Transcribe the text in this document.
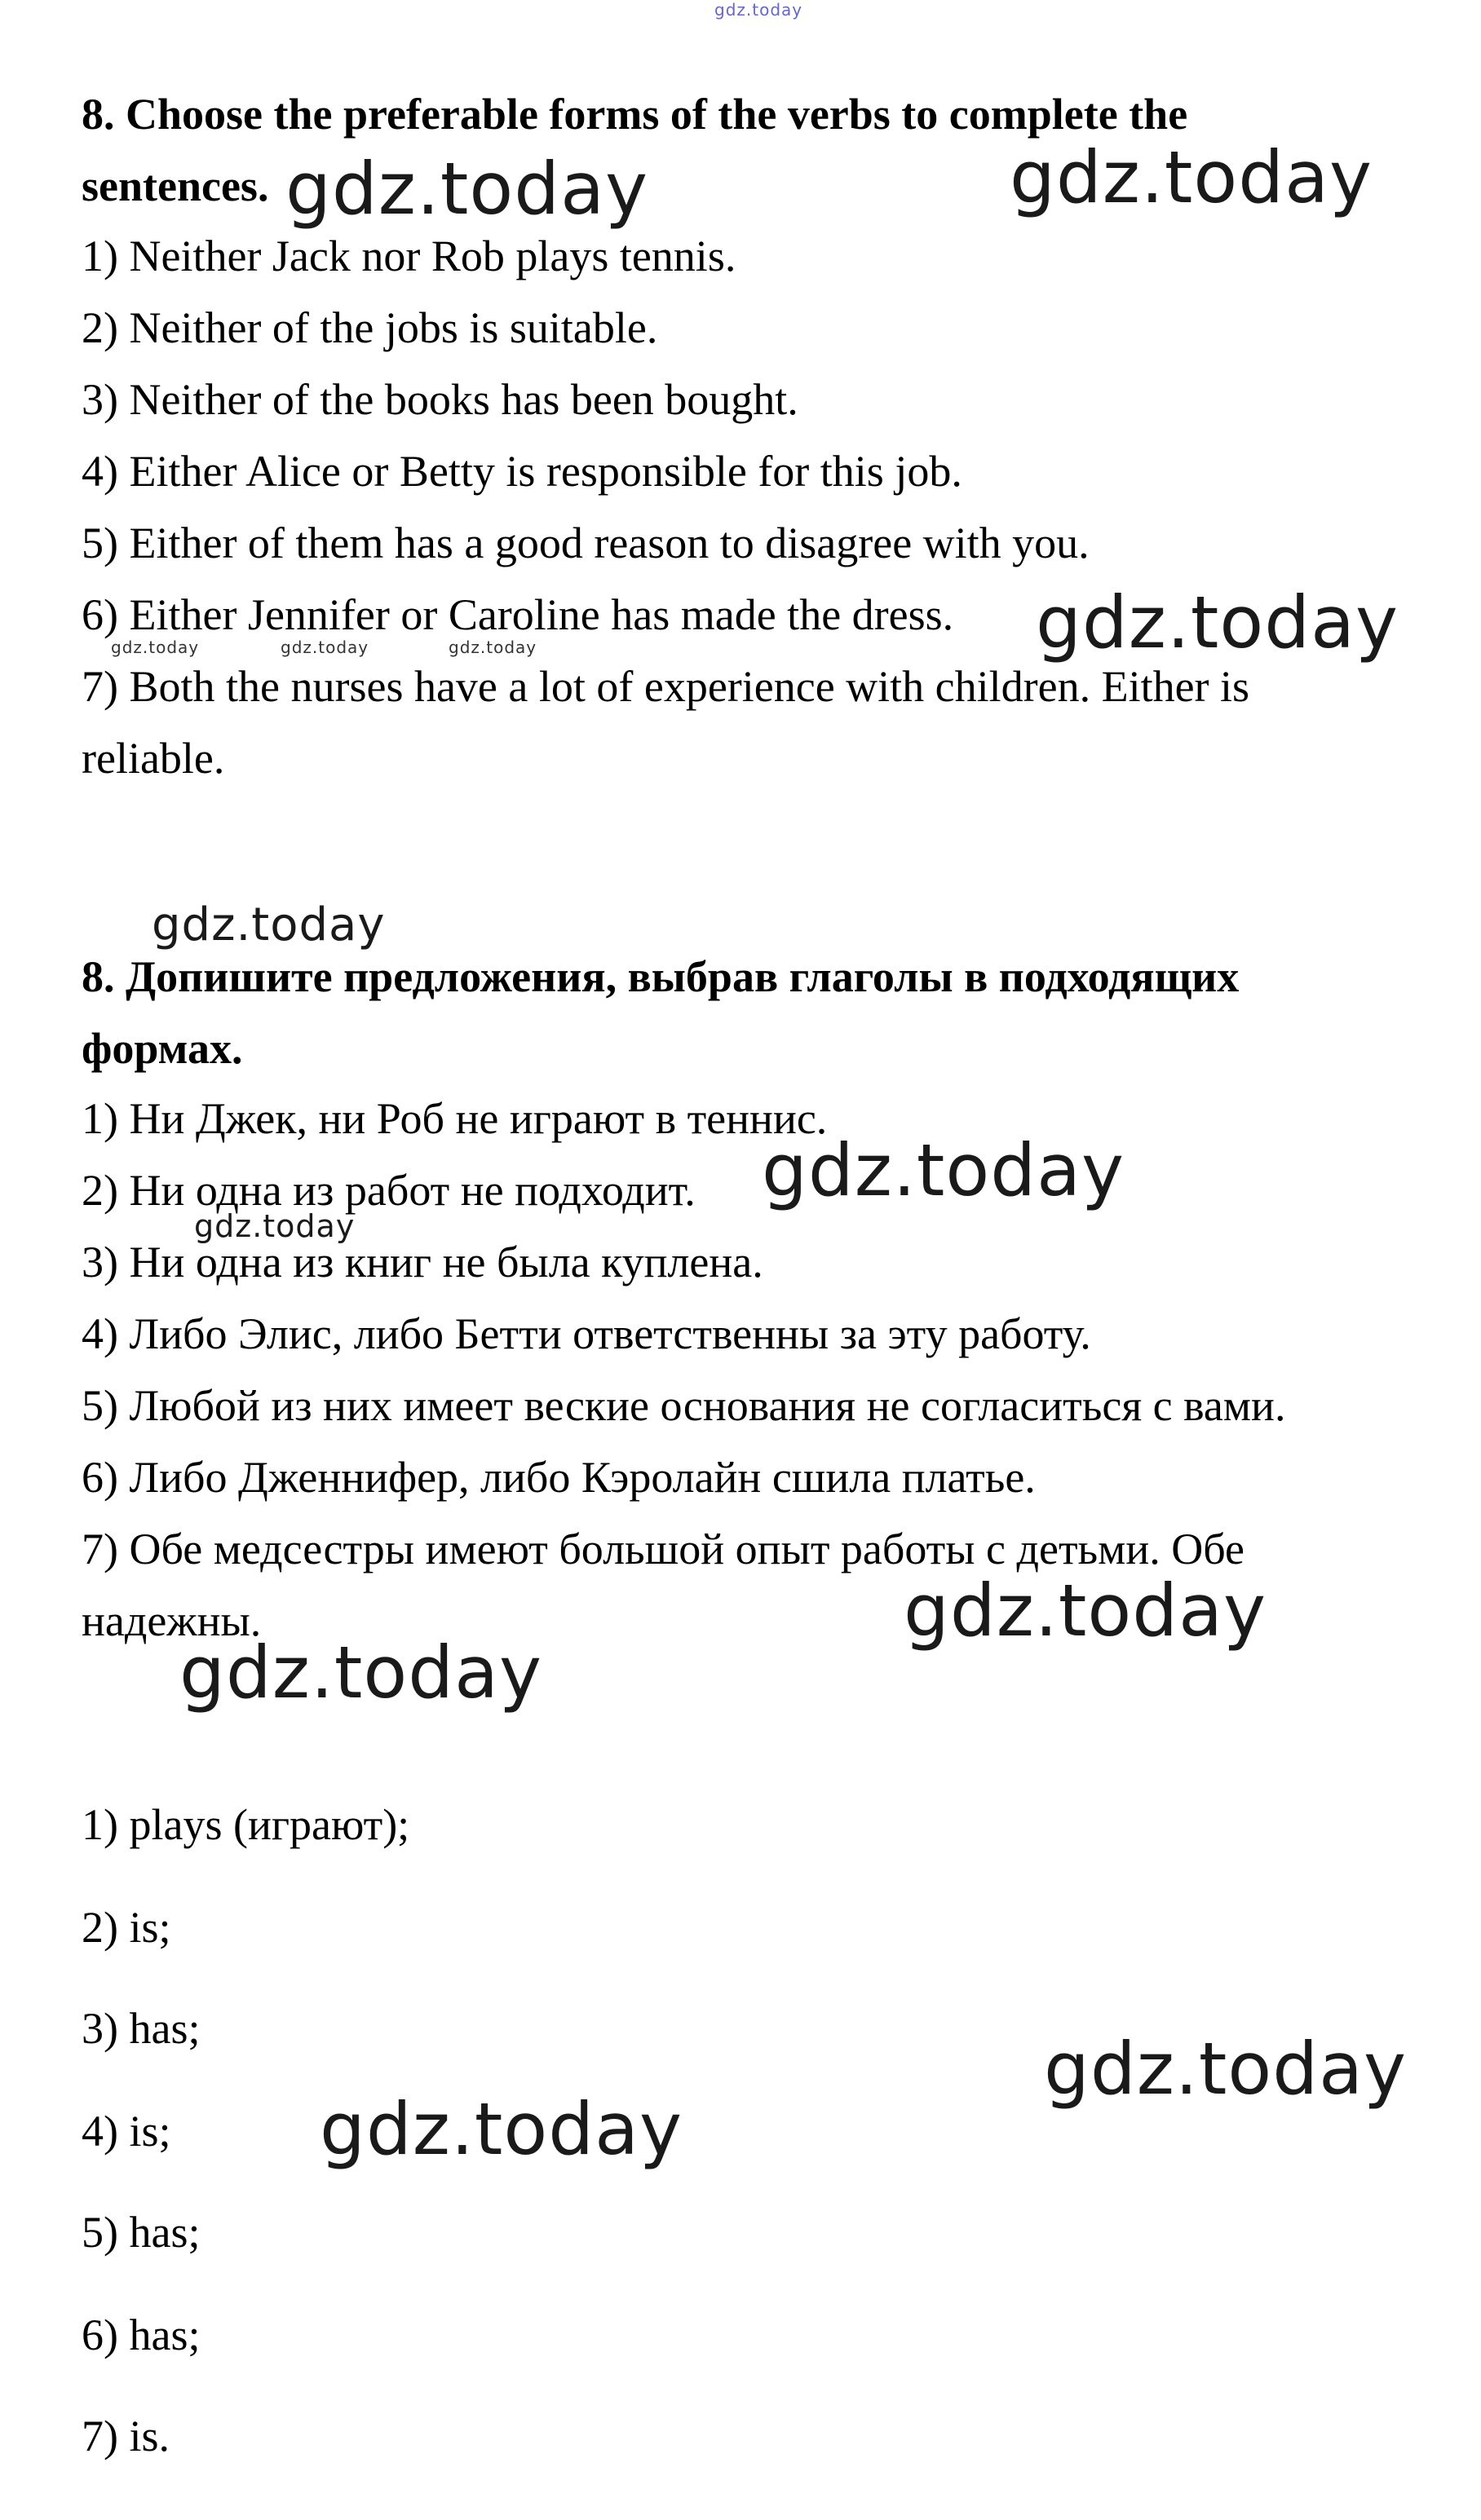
gdz.today
8. Choose the preferable forms of the verbs to complete the
sentences.
1) Neither Jack nor Rob plays tennis.
2) Neither of the jobs is suitable.
3) Neither of the books has been bought.
4) Either Alice or Betty is responsible for this job.
5) Either of them has a good reason to disagree with you.
6) Either Jennifer or Caroline has made the dress.
7) Both the nurses have a lot of experience with children. Either is
reliable.
8. Допишите предложения, выбрав глаголы в подходящих
формах.
1) Ни Джек, ни Роб не играют в теннис.
2) Ни одна из работ не подходит.
3) Ни одна из книг не была куплена.
4) Либо Элис, либо Бетти ответственны за эту работу.
5) Любой из них имеет веские основания не согласиться с вами.
6) Либо Дженнифер, либо Кэролайн сшила платье.
7) Обе медсестры имеют большой опыт работы с детьми. Обе
надежны.
1) plays (играют);
2) is;
3) has;
4) is;
5) has;
6) has;
7) is.
gdz.today	gdz.today
gdz.today
gdz.today
gdz.today
gdz.today
gdz.today
gdz.today
gdz.today
gdz.today
gdz.today	gdz.today	gdz.today
